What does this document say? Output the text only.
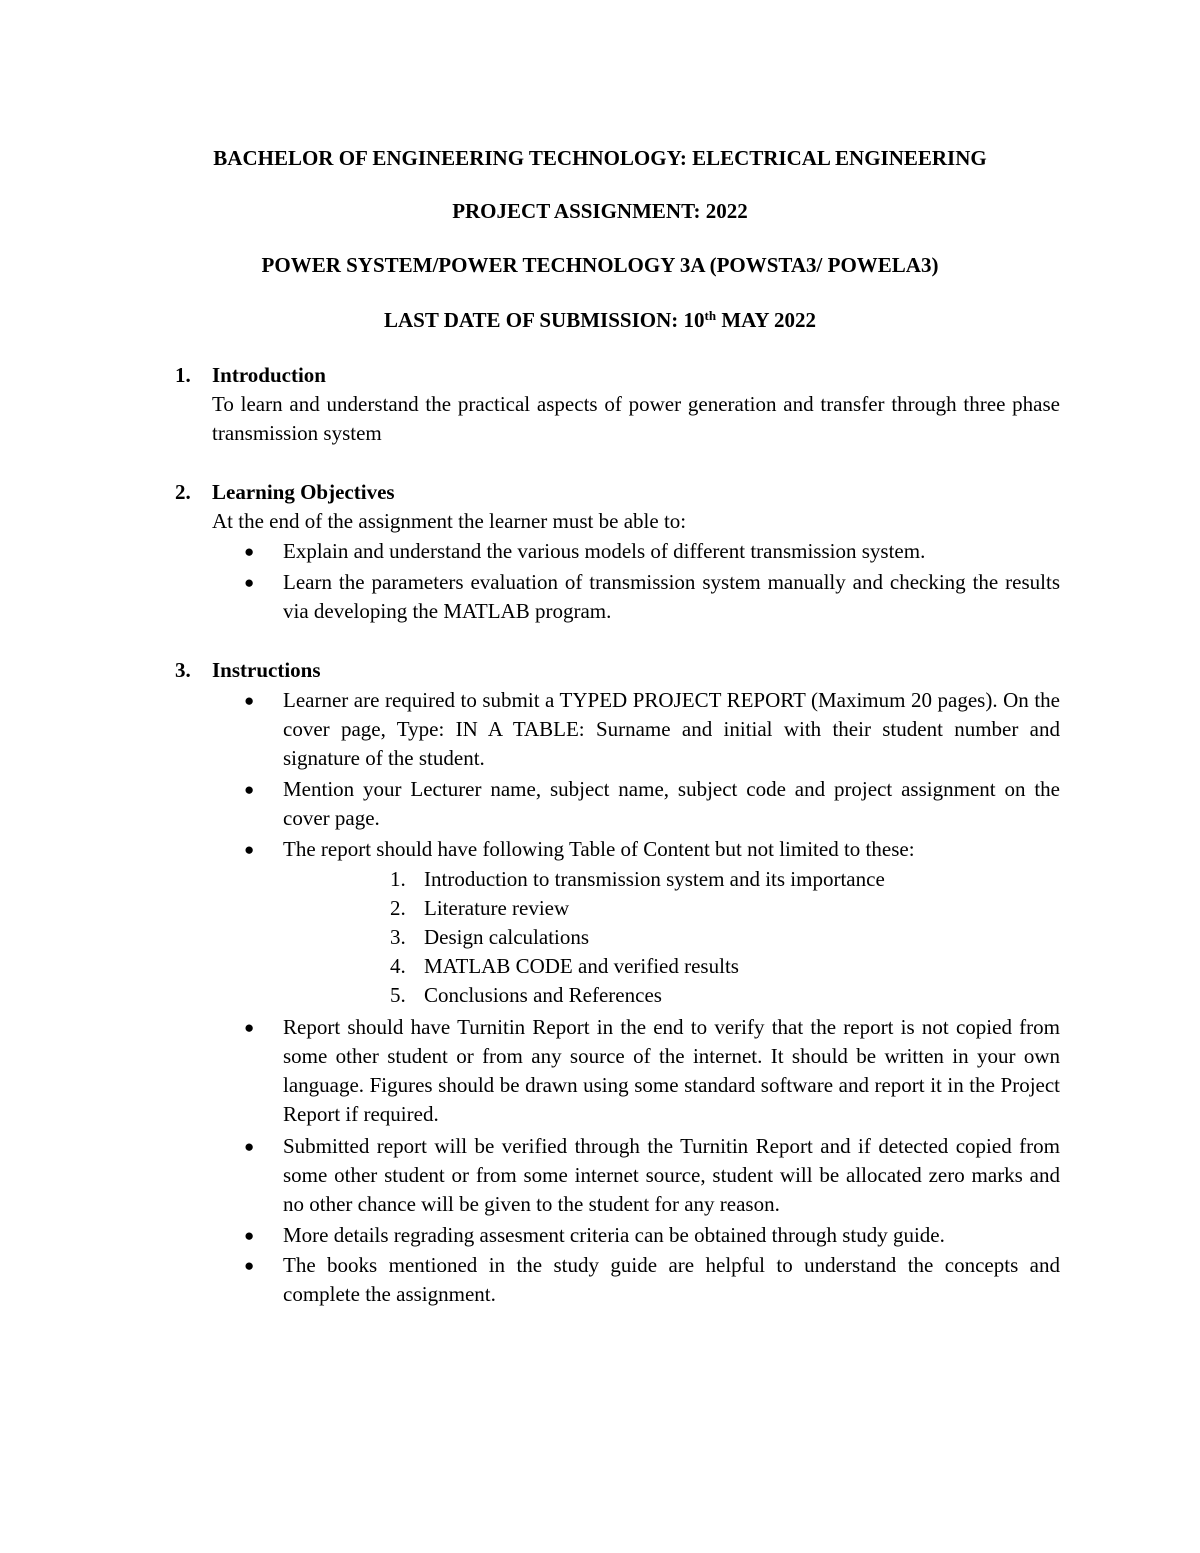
BACHELOR OF ENGINEERING TECHNOLOGY: ELECTRICAL ENGINEERING
PROJECT ASSIGNMENT: 2022
POWER SYSTEM/POWER TECHNOLOGY 3A (POWSTA3/ POWELA3)
LAST DATE OF SUBMISSION: 10th MAY 2022
1. Introduction

To learn and understand the practical aspects of power generation and transfer through three phase transmission system

2. Learning Objectives

At the end of the assignment the learner must be able to:

● Explain and understand the various models of different transmission system.
● Learn the parameters evaluation of transmission system manually and checking the results via developing the MATLAB program.
3. Instructions
● Learner are required to submit a TYPED PROJECT REPORT (Maximum 20 pages). On the cover page, Type: IN A TABLE: Surname and initial with their student number and signature of the student.
● Mention your Lecturer name, subject name, subject code and project assignment on the cover page.
● The report should have following Table of Content but not limited to these:
1. Introduction to transmission system and its importance
2. Literature review
3. Design calculations
4. MATLAB CODE and verified results
5. Conclusions and References
● Report should have Turnitin Report in the end to verify that the report is not copied from some other student or from any source of the internet. It should be written in your own language. Figures should be drawn using some standard software and report it in the Project Report if required.
● Submitted report will be verified through the Turnitin Report and if detected copied from some other student or from some internet source, student will be allocated zero marks and no other chance will be given to the student for any reason.
● More details regrading assesment criteria can be obtained through study guide.
● The books mentioned in the study guide are helpful to understand the concepts and complete the assignment.
